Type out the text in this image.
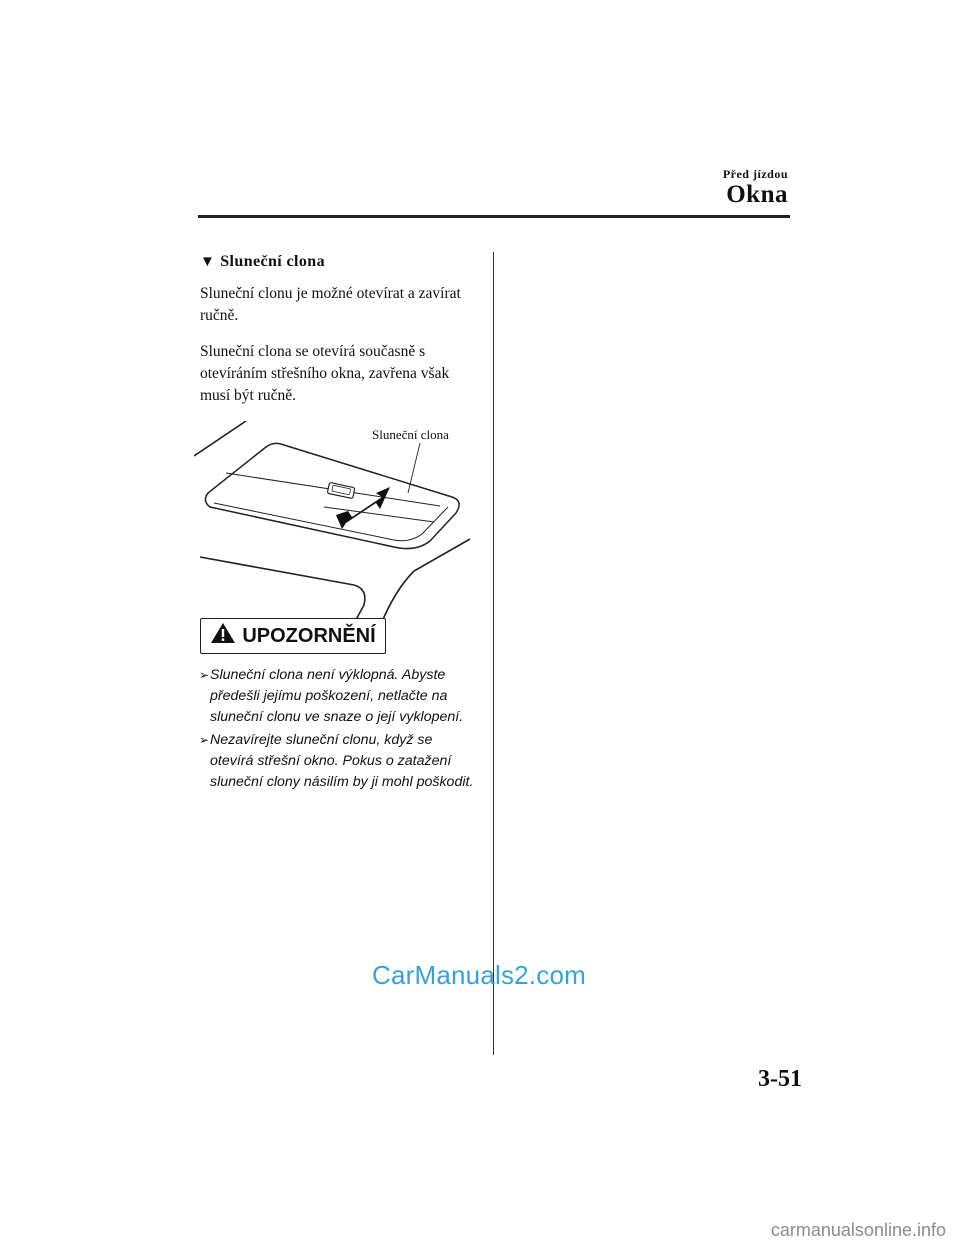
Před jízdou
Okna
▼ Sluneční clona

Sluneční clonu je možné otevírat a zavírat ručně.

Sluneční clona se otevírá současně s otevíráním střešního okna, zavřena však musí být ručně.

Sluneční clona
UPOZORNĚNÍ
➢ Sluneční clona není výklopná. Abyste předešli jejímu poškození, netlačte na sluneční clonu ve snaze o její vyklopení.
➢ Nezavírejte sluneční clonu, když se otevírá střešní okno. Pokus o zatažení sluneční clony násilím by ji mohl poškodit.
CarManuals2.com
3-51
carmanualsonline.info
